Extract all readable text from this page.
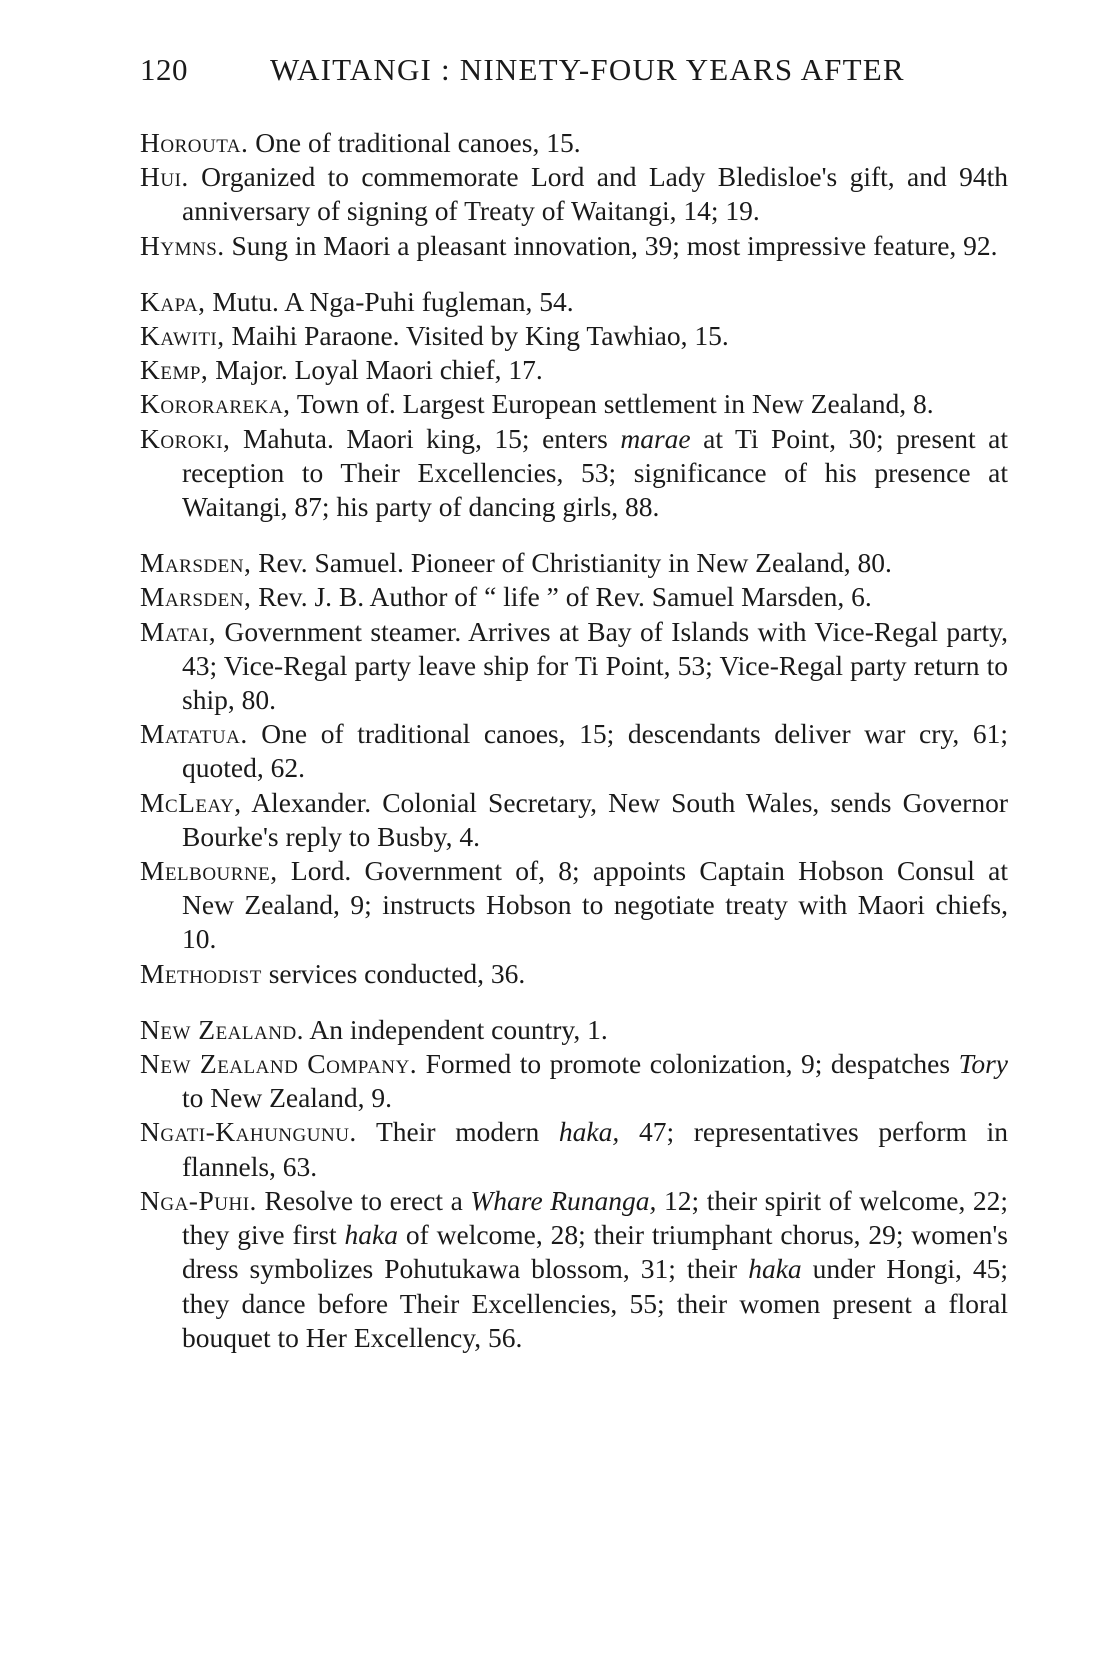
120	WAITANGI : NINETY-FOUR YEARS AFTER
Horouta. One of traditional canoes, 15.
Hui. Organized to commemorate Lord and Lady Bledisloe's gift, and 94th anniversary of signing of Treaty of Waitangi, 14; 19.
Hymns. Sung in Maori a pleasant innovation, 39; most impressive feature, 92.
Kapa, Mutu. A Nga-Puhi fugleman, 54.
Kawiti, Maihi Paraone. Visited by King Tawhiao, 15.
Kemp, Major. Loyal Maori chief, 17.
Kororareka, Town of. Largest European settlement in New Zealand, 8.
Koroki, Mahuta. Maori king, 15; enters marae at Ti Point, 30; present at reception to Their Excellencies, 53; significance of his presence at Waitangi, 87; his party of dancing girls, 88.
Marsden, Rev. Samuel. Pioneer of Christianity in New Zealand, 80.
Marsden, Rev. J. B. Author of “ life ” of Rev. Samuel Marsden, 6.
Matai, Government steamer. Arrives at Bay of Islands with Vice-Regal party, 43; Vice-Regal party leave ship for Ti Point, 53; Vice-Regal party return to ship, 80.
Matatua. One of traditional canoes, 15; descendants deliver war cry, 61; quoted, 62.
McLeay, Alexander. Colonial Secretary, New South Wales, sends Governor Bourke's reply to Busby, 4.
Melbourne, Lord. Government of, 8; appoints Captain Hobson Consul at New Zealand, 9; instructs Hobson to negotiate treaty with Maori chiefs, 10.
Methodist services conducted, 36.
New Zealand. An independent country, 1.
New Zealand Company. Formed to promote colonization, 9; despatches Tory to New Zealand, 9.
Ngati-Kahungunu. Their modern haka, 47; representatives perform in flannels, 63.
Nga-Puhi. Resolve to erect a Whare Runanga, 12; their spirit of welcome, 22; they give first haka of welcome, 28; their triumphant chorus, 29; women's dress symbolizes Pohutukawa blossom, 31; their haka under Hongi, 45; they dance before Their Excellencies, 55; their women present a floral bouquet to Her Excellency, 56.
